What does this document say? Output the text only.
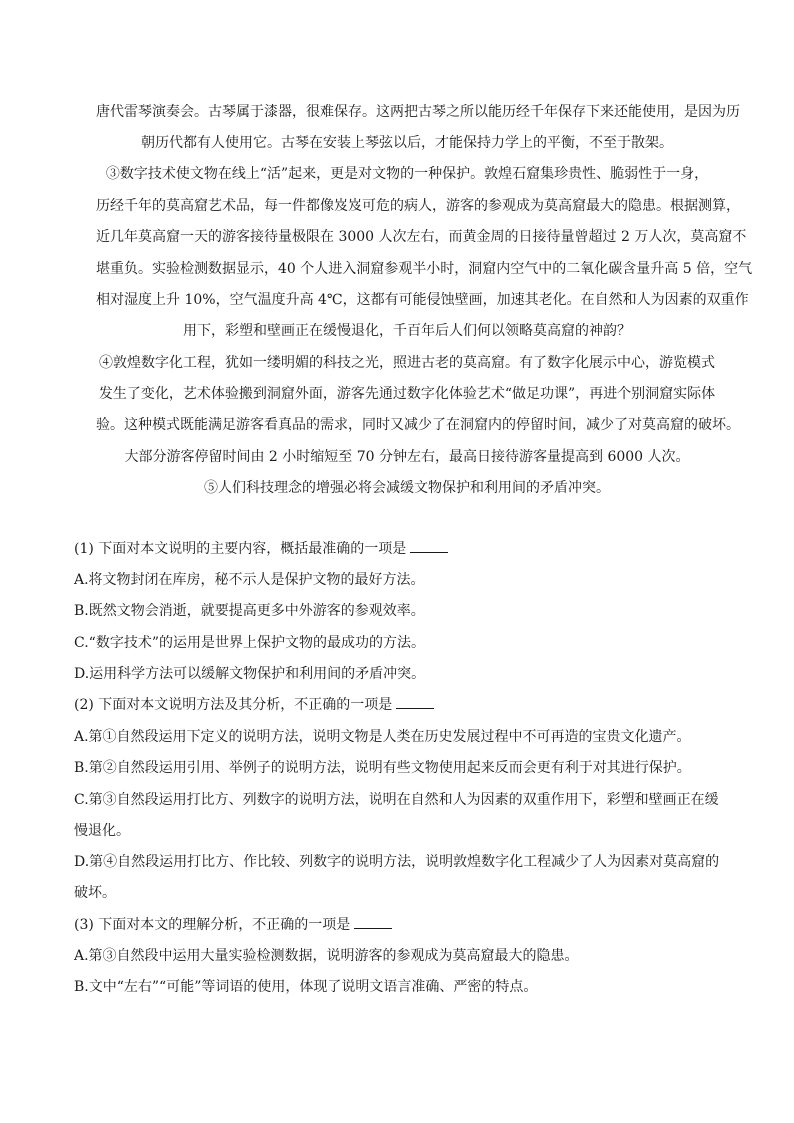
唐代雷琴演奏会。古琴属于漆器，很难保存。这两把古琴之所以能历经千年保存下来还能使用，是因为历
朝历代都有人使用它。古琴在安装上琴弦以后，才能保持力学上的平衡，不至于散架。
③数字技术使文物在线上“活”起来，更是对文物的一种保护。敦煌石窟集珍贵性、脆弱性于一身，
历经千年的莫高窟艺术品，每一件都像岌岌可危的病人，游客的参观成为莫高窟最大的隐患。根据测算，
近几年莫高窟一天的游客接待量极限在 3000 人次左右，而黄金周的日接待量曾超过 2 万人次，莫高窟不
堪重负。实验检测数据显示，40 个人进入洞窟参观半小时，洞窟内空气中的二氧化碳含量升高 5 倍，空气
相对湿度上升 10%，空气温度升高 4℃，这都有可能侵蚀壁画，加速其老化。在自然和人为因素的双重作
用下，彩塑和壁画正在缓慢退化，千百年后人们何以领略莫高窟的神韵？
④敦煌数字化工程，犹如一缕明媚的科技之光，照进古老的莫高窟。有了数字化展示中心，游览模式
发生了变化，艺术体验搬到洞窟外面，游客先通过数字化体验艺术“做足功课”，再进个别洞窟实际体
验。这种模式既能满足游客看真品的需求，同时又减少了在洞窟内的停留时间，减少了对莫高窟的破坏。
大部分游客停留时间由 2 小时缩短至 70 分钟左右，最高日接待游客量提高到 6000 人次。
⑤人们科技理念的增强必将会减缓文物保护和利用间的矛盾冲突。
(1) 下面对本文说明的主要内容，概括最准确的一项是
A.将文物封闭在库房，秘不示人是保护文物的最好方法。
B.既然文物会消逝，就要提高更多中外游客的参观效率。
C.“数字技术”的运用是世界上保护文物的最成功的方法。
D.运用科学方法可以缓解文物保护和利用间的矛盾冲突。
(2) 下面对本文说明方法及其分析，不正确的一项是
A.第①自然段运用下定义的说明方法，说明文物是人类在历史发展过程中不可再造的宝贵文化遗产。
B.第②自然段运用引用、举例子的说明方法，说明有些文物使用起来反而会更有利于对其进行保护。
C.第③自然段运用打比方、列数字的说明方法，说明在自然和人为因素的双重作用下，彩塑和壁画正在缓
慢退化。
D.第④自然段运用打比方、作比较、列数字的说明方法，说明敦煌数字化工程减少了人为因素对莫高窟的
破坏。
(3) 下面对本文的理解分析，不正确的一项是
A.第③自然段中运用大量实验检测数据，说明游客的参观成为莫高窟最大的隐患。
B.文中“左右”“可能”等词语的使用，体现了说明文语言准确、严密的特点。
